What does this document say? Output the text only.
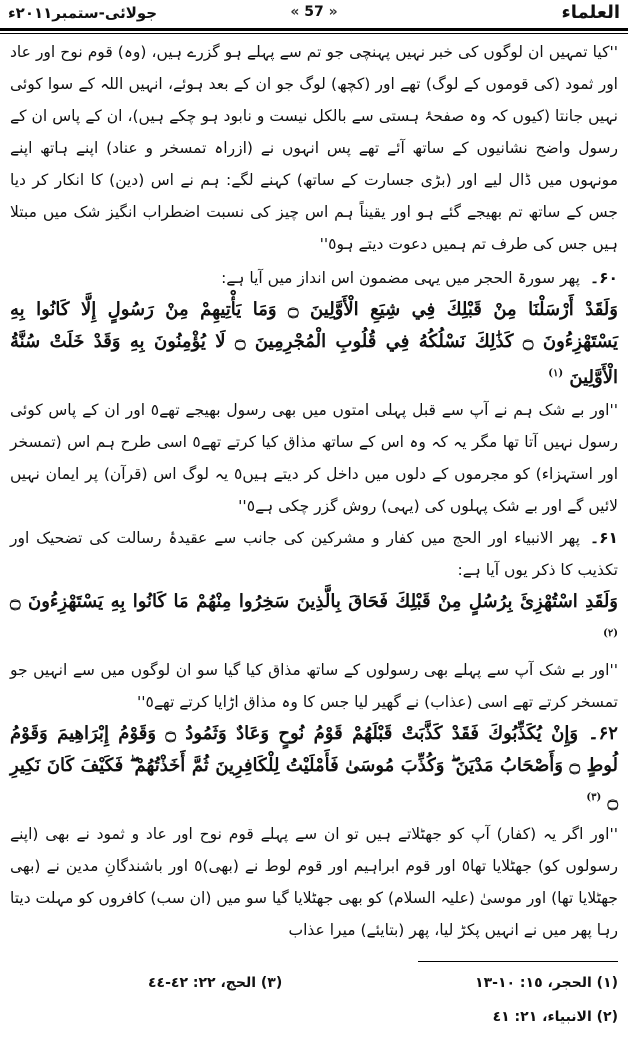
العلماء
« 57 »
جولائی-ستمبر۲۰۱۱ء

''کیا تمہیں ان لوگوں کی خبر نہیں پہنچی جو تم سے پہلے ہو گزرے ہیں، (وہ) قوم نوح اور عاد اور ثمود (کی قوموں کے لوگ) تھے اور (کچھ) لوگ جو ان کے بعد ہوئے، انہیں اللہ کے سوا کوئی نہیں جانتا (کیوں کہ وہ صفحۂ ہستی سے بالکل نیست و نابود ہو چکے ہیں)، ان کے پاس ان کے رسول واضح نشانیوں کے ساتھ آئے تھے پس انہوں نے (ازراہ تمسخر و عناد) اپنے ہاتھ اپنے مونہوں میں ڈال لیے اور (بڑی جسارت کے ساتھ) کہنے لگے: ہم نے اس (دین) کا انکار کر دیا جس کے ساتھ تم بھیجے گئے ہو اور یقیناً ہم اس چیز کی نسبت اضطراب انگیز شک میں مبتلا ہیں جس کی طرف تم ہمیں دعوت دیتے ہو٥''

۶۰۔پھر سورۃ الحجر میں یہی مضمون اس انداز میں آیا ہے:

وَلَقَدْ أَرْسَلْنَا مِنْ قَبْلِكَ فِي شِيَعِ الْأَوَّلِينَ ۝ وَمَا يَأْتِيهِمْ مِنْ رَسُولٍ إِلَّا كَانُوا بِهِ يَسْتَهْزِءُونَ ۝ كَذَٰلِكَ نَسْلُكُهُ فِي قُلُوبِ الْمُجْرِمِينَ ۝ لَا يُؤْمِنُونَ بِهِ وَقَدْ خَلَتْ سُنَّةُ الْأَوَّلِينَ $^{(١)}$

''اور بے شک ہم نے آپ سے قبل پہلی امتوں میں بھی رسول بھیجے تھے٥ اور ان کے پاس کوئی رسول نہیں آتا تھا مگر یہ کہ وہ اس کے ساتھ مذاق کیا کرتے تھے٥ اسی طرح ہم اس (تمسخر اور استہزاء) کو مجرموں کے دلوں میں داخل کر دیتے ہیں٥ یہ لوگ اس (قرآن) پر ایمان نہیں لائیں گے اور بے شک پہلوں کی (یہی) روش گزر چکی ہے٥''

۶۱۔پھر الانبیاء اور الحج میں کفار و مشرکین کی جانب سے عقیدۂ رسالت کی تضحیک اور تکذیب کا ذکر یوں آیا ہے:

وَلَقَدِ اسْتُهْزِئَ بِرُسُلٍ مِنْ قَبْلِكَ فَحَاقَ بِالَّذِينَ سَخِرُوا مِنْهُمْ مَا كَانُوا بِهِ يَسْتَهْزِءُونَ ۝ $^{(٢)}$

''اور بے شک آپ سے پہلے بھی رسولوں کے ساتھ مذاق کیا گیا سو ان لوگوں میں سے انہیں جو تمسخر کرتے تھے اسی (عذاب) نے گھیر لیا جس کا وہ مذاق اڑایا کرتے تھے٥''

۶۲۔وَإِنْ يُكَذِّبُوكَ فَقَدْ كَذَّبَتْ قَبْلَهُمْ قَوْمُ نُوحٍ وَعَادٌ وَثَمُودُ ۝ وَقَوْمُ إِبْرَاهِيمَ وَقَوْمُ لُوطٍ ۝ وَأَصْحَابُ مَدْيَنَ ۖ وَكُذِّبَ مُوسَىٰ فَأَمْلَيْتُ لِلْكَافِرِينَ ثُمَّ أَخَذْتُهُمْ ۖ فَكَيْفَ كَانَ نَكِيرِ ۝ $^{(٣)}$

''اور اگر یہ (کفار) آپ کو جھٹلاتے ہیں تو ان سے پہلے قوم نوح اور عاد و ثمود نے بھی (اپنے رسولوں کو) جھٹلایا تھا٥ اور قوم ابراہیم اور قوم لوط نے (بھی)٥ اور باشندگانِ مدین نے (بھی جھٹلایا تھا) اور موسیٰ (علیہ السلام) کو بھی جھٹلایا گیا سو میں (ان سب) کافروں کو مہلت دیتا رہا پھر میں نے انہیں پکڑ لیا، پھر (بتایئے) میرا عذاب

(١) الحجر، ١٥: ١٠-١٣
(٣) الحج، ٢٢: ٤٢-٤٤
(٢) الانبیاء، ٢١: ٤١
